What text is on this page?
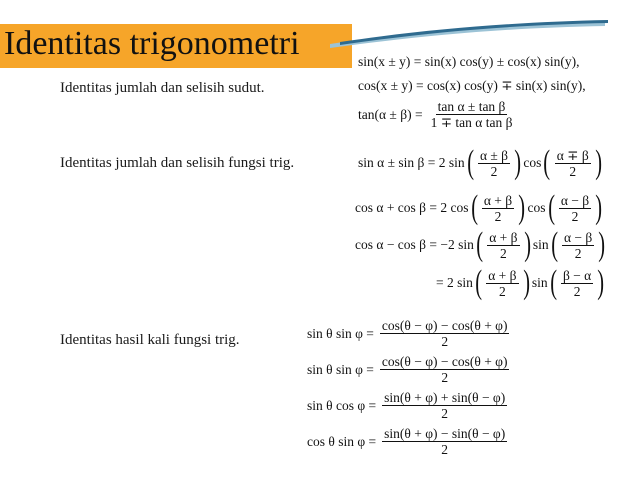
Identitas trigonometri
Identitas jumlah dan selisih sudut.
sin(x ± y) = sin(x) cos(y) ± cos(x) sin(y),
cos(x ± y) = cos(x) cos(y) ∓ sin(x) sin(y),
$\tan(\alpha \pm \beta) = \frac{\text{tan α ± tan β}}{\text{1 ∓ tan α tan β}}$
Identitas jumlah dan selisih fungsi trig.	sin α ± sin β = 2 sin ( $\frac{\alpha \pm \beta}{2}$ ) cos ( $\frac{\alpha \mp \beta}{2}$ )
cos α + cos β = 2 cos ( $\frac{\alpha + \beta}{2}$ ) cos ( $\frac{\alpha - \beta}{2}$ )
cos α − cos β = −2 sin ( $\frac{\alpha + \beta}{2}$ ) sin ( $\frac{\alpha - \beta}{2}$ )
= 2 sin ( $\frac{\alpha + \beta}{2}$ ) sin ( $\frac{\beta - \alpha}{2}$ )
Identitas hasil kali fungsi trig.	sin θ $\sin \varphi = \frac{\cos(\theta - \varphi) - \cos(\theta + \varphi)}{2}$
sin θ $\sin \varphi = \frac{\cos(\theta - \varphi) - \cos(\theta + \varphi)}{2}$
sin θ $\cos \varphi = \frac{\sin(\theta + \varphi) + \sin(\theta - \varphi)}{2}$
cos θ $\sin \varphi = \frac{\sin(\theta + \varphi) - \sin(\theta - \varphi)}{2}$
